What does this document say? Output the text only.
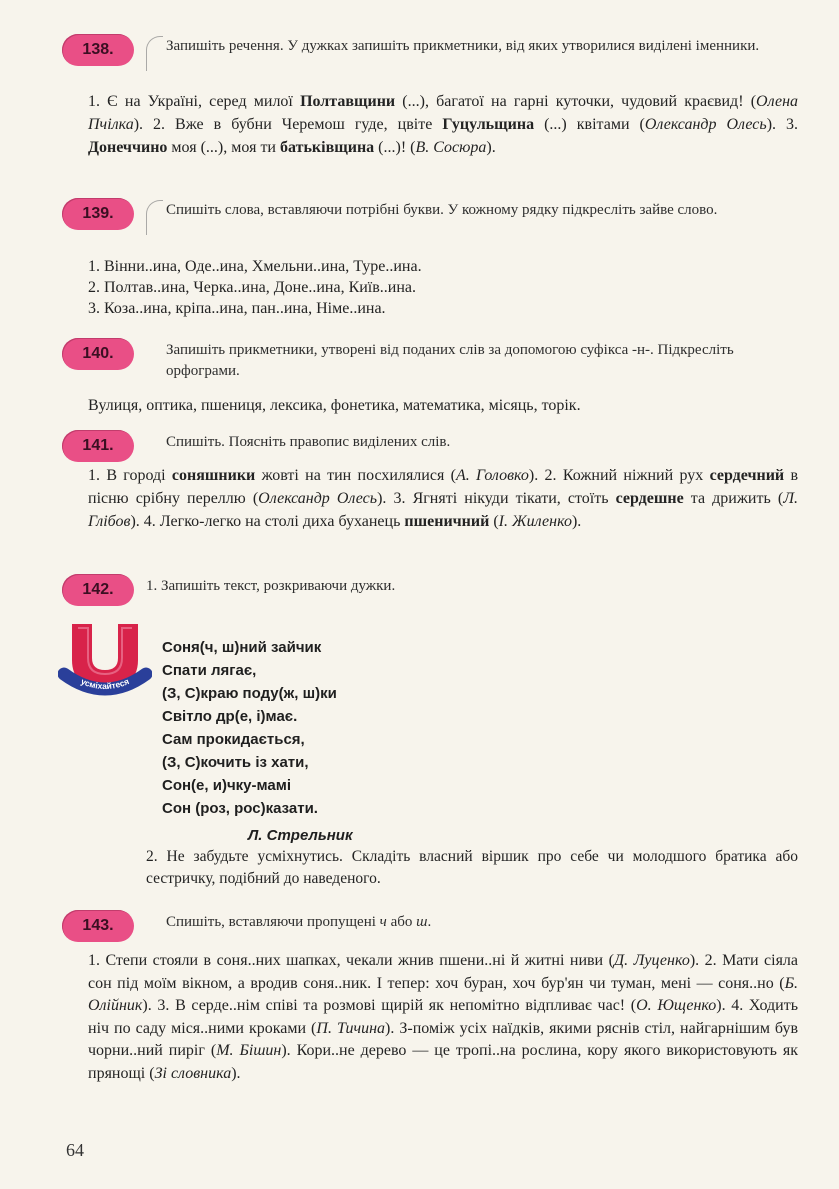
138.	Запишіть речення. У дужках запишіть прикметники, від яких утворилися виділені іменники.
1. Є на Україні, серед милої Полтавщини (...), багатої на гарні куточки, чудовий краєвид! (Олена Пчілка). 2. Вже в бубни Черемош гуде, цвіте Гуцульщина (...) квітами (Олександр Олесь). 3. Донеччино моя (...), моя ти батьківщина (...)! (В. Сосюра).
139.	Спишіть слова, вставляючи потрібні букви. У кожному рядку підкресліть зайве слово.
1. Вінни..ина, Оде..ина, Хмельни..ина, Туре..ина.
2. Полтав..ина, Черка..ина, Доне..ина, Київ..ина.
3. Коза..ина, кріпа..ина, пан..ина, Німе..ина.
140.	Запишіть прикметники, утворені від поданих слів за допомогою суфікса -н-. Підкресліть орфограми.
Вулиця, оптика, пшениця, лексика, фонетика, математика, місяць, торік.
141.	Спишіть. Поясніть правопис виділених слів.
1. В городі соняшники жовті на тин посхилялися (А. Головко). 2. Кожний ніжний рух сердечний в пісню срібну переллю (Олександр Олесь). 3. Ягняті нікуди тікати, стоїть сердешне та дрижить (Л. Глібов). 4. Легко-легко на столі диха буханець пшеничний (І. Жиленко).
142.	1. Запишіть текст, розкриваючи дужки.
усміхайтеся
Соня(ч, ш)ний зайчик
Спати лягає,
(З, С)краю поду(ж, ш)ки
Світло др(е, і)має.
Сам прокидається,
(З, С)кочить із хати,
Сон(е, и)чку-мамі
Сон (роз, рос)казати.
Л. Стрельник
2. Не забудьте усміхнутись. Складіть власний віршик про себе чи молодшого братика або сестричку, подібний до наведеного.
143.	Спишіть, вставляючи пропущені ч або ш.
1. Степи стояли в соня..них шапках, чекали жнив пшени..ні й житні ниви (Д. Луценко). 2. Мати сіяла сон під моїм вікном, а вродив соня..ник. І тепер: хоч буран, хоч бур'ян чи туман, мені — соня..но (Б. Олійник). 3. В серде..нім співі та розмові щирій як непомітно відпливає час! (О. Ющенко). 4. Ходить ніч по саду міся..ними кроками (П. Тичина). З-поміж усіх наїдків, якими ряснів стіл, найгарнішим був чорни..ний пиріг (М. Бішин). Кори..не дерево — це тропі..на рослина, кору якого використовують як прянощі (Зі словника).
64
